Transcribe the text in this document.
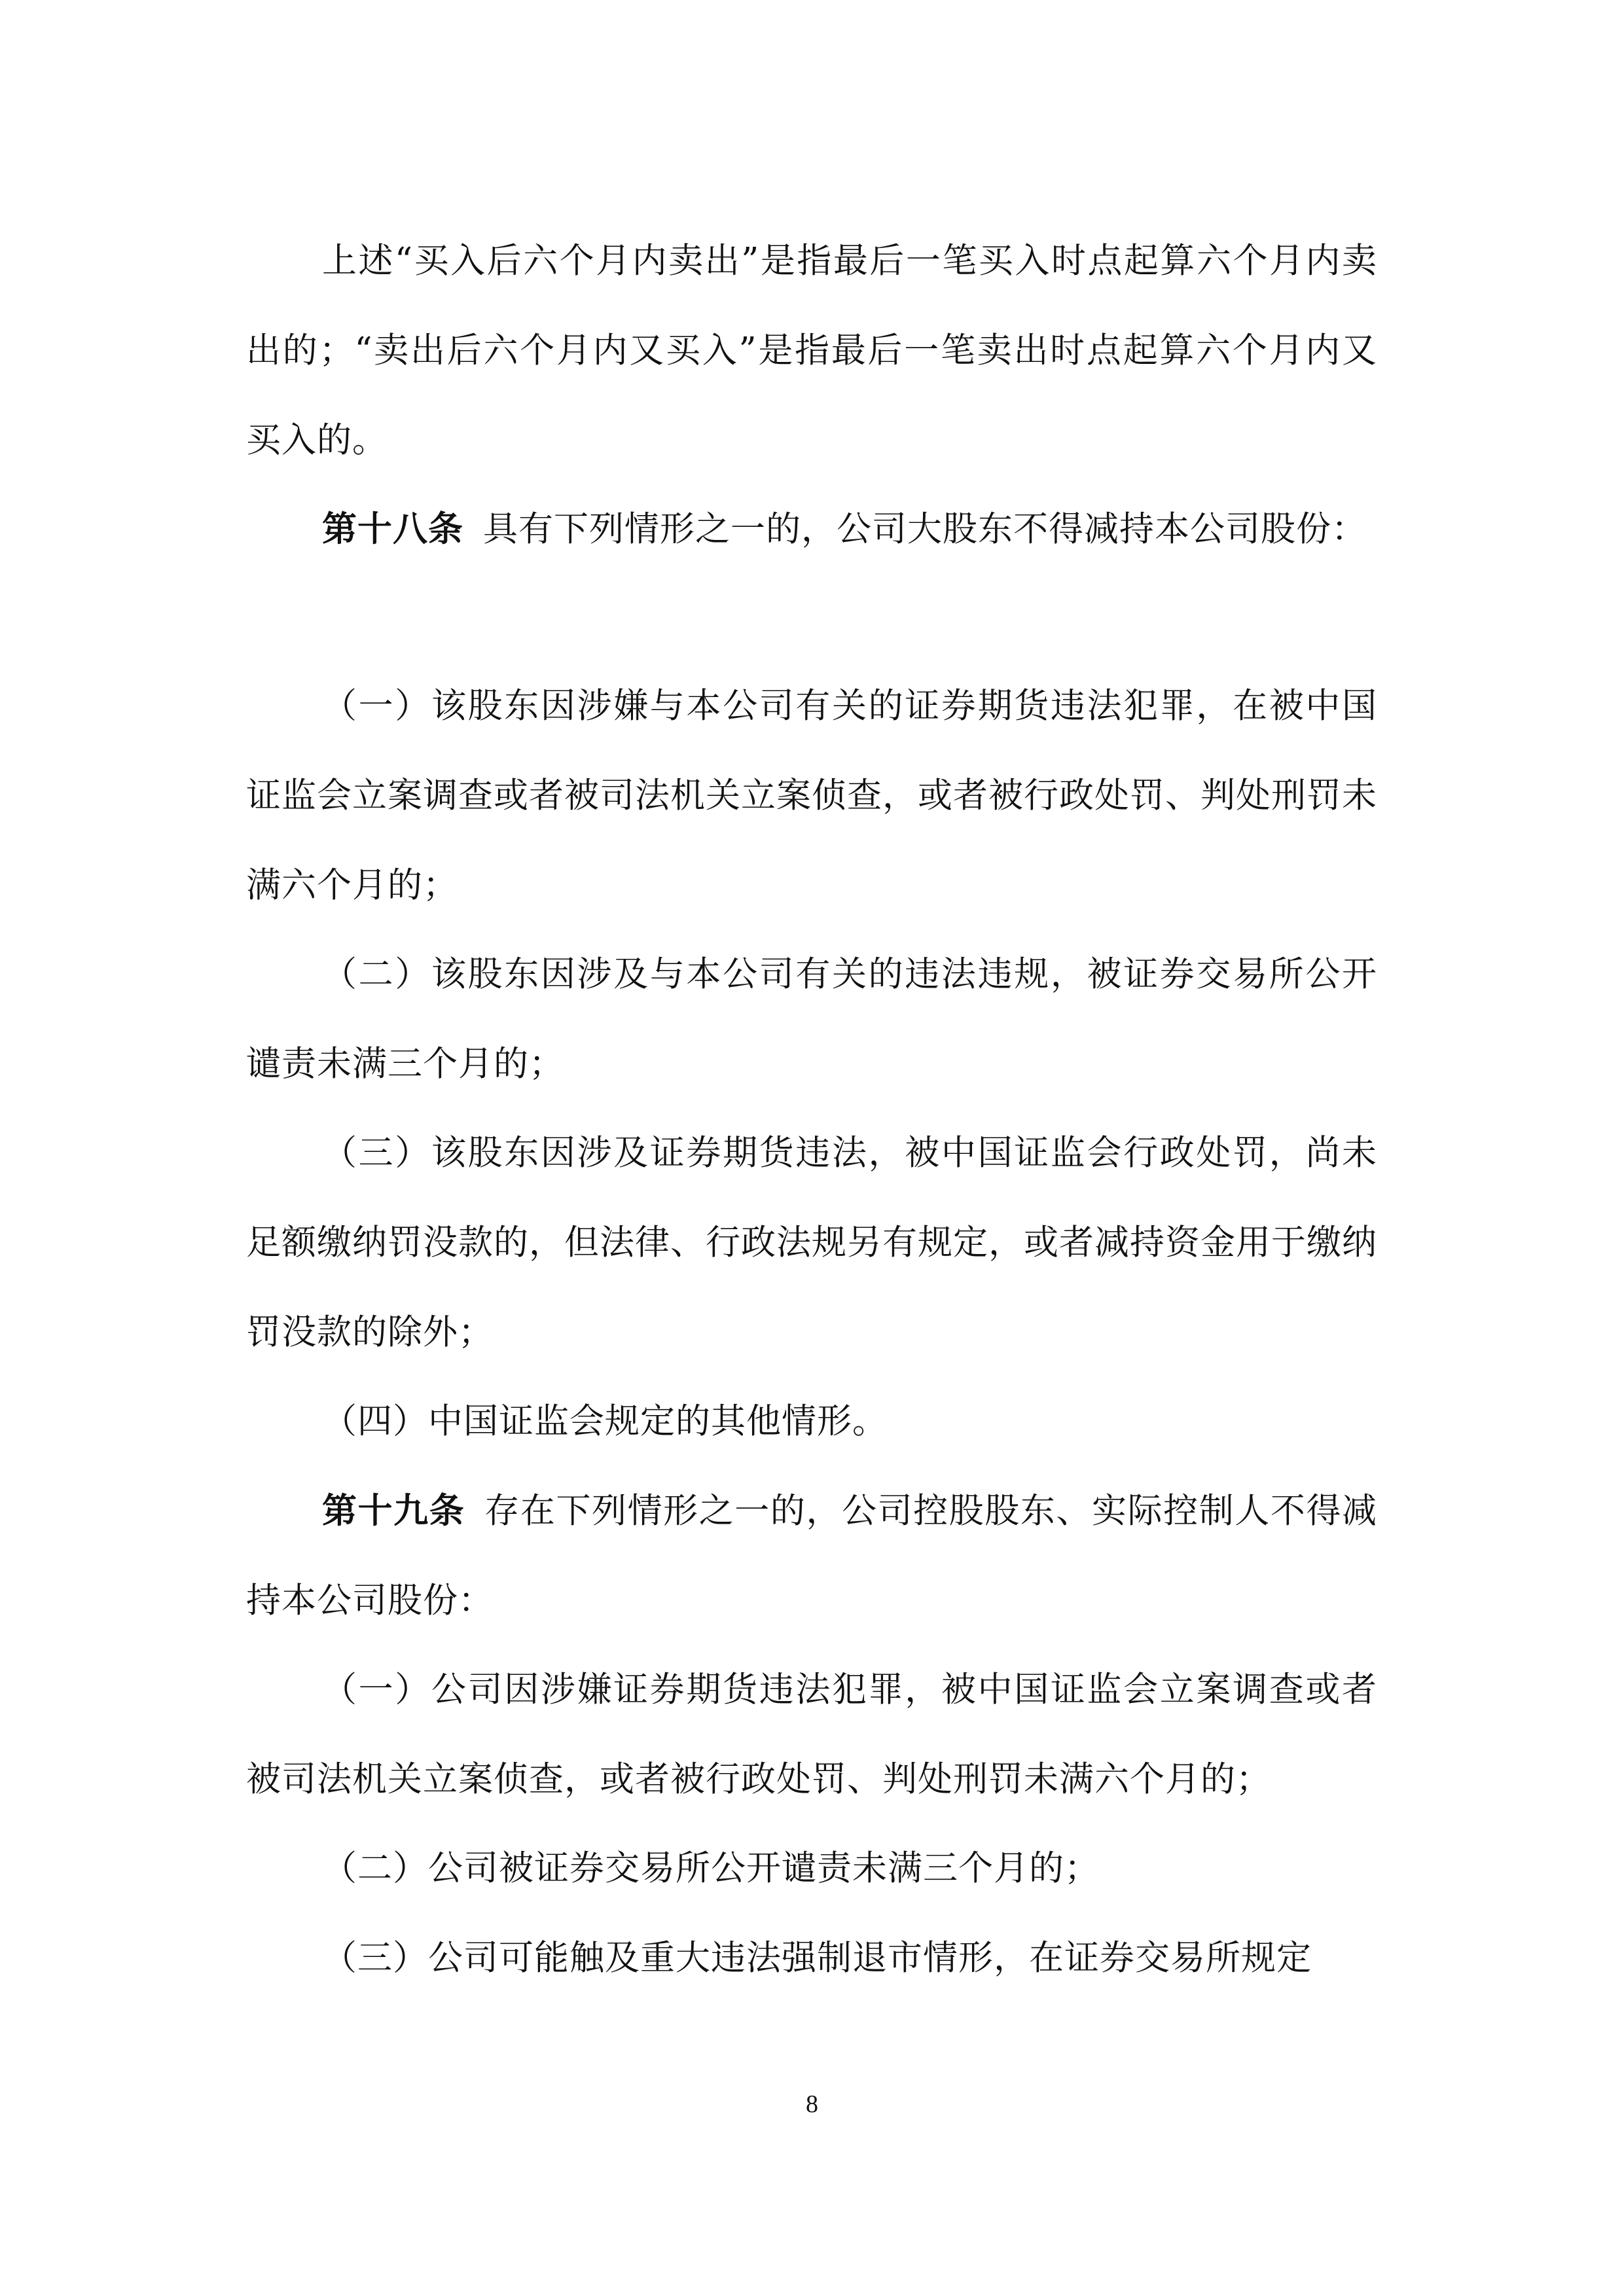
上述“买入后六个月内卖出”是指最后一笔买入时点起算六个月内卖出的；“卖出后六个月内又买入”是指最后一笔卖出时点起算六个月内又买入的。

第十八条 具有下列情形之一的，公司大股东不得减持本公司股份：

（一）该股东因涉嫌与本公司有关的证券期货违法犯罪，在被中国证监会立案调查或者被司法机关立案侦查，或者被行政处罚、判处刑罚未满六个月的；

（二）该股东因涉及与本公司有关的违法违规，被证券交易所公开谴责未满三个月的；

（三）该股东因涉及证券期货违法，被中国证监会行政处罚，尚未足额缴纳罚没款的，但法律、行政法规另有规定，或者减持资金用于缴纳罚没款的除外；

（四）中国证监会规定的其他情形。

第十九条 存在下列情形之一的，公司控股股东、实际控制人不得减持本公司股份：

（一）公司因涉嫌证券期货违法犯罪，被中国证监会立案调查或者被司法机关立案侦查，或者被行政处罚、判处刑罚未满六个月的；

（二）公司被证券交易所公开谴责未满三个月的；

（三）公司可能触及重大违法强制退市情形，在证券交易所规定

8
